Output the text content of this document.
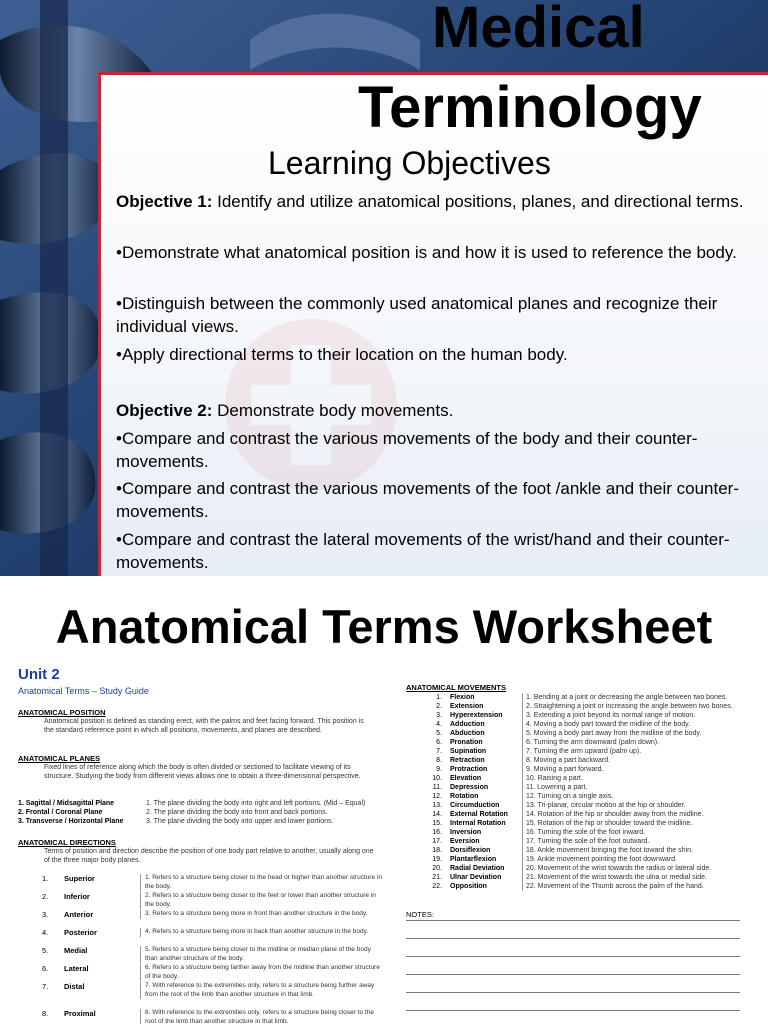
Medical
Terminology
Learning Objectives
Objective 1: Identify and utilize anatomical positions, planes, and directional terms.
•Demonstrate what anatomical position is and how it is used to reference the body.
•Distinguish between the commonly used anatomical planes and recognize their individual views.
•Apply directional terms to their location on the human body.
Objective 2: Demonstrate body movements.
•Compare and contrast the various movements of the body and their counter-movements.
•Compare and contrast the various movements of the foot /ankle and their counter-movements.
•Compare and contrast the lateral movements of the wrist/hand and their counter-movements.
Anatomical Terms Worksheet
Unit 2
Anatomical Terms – Study Guide
ANATOMICAL POSITION
Anatomical position is defined as standing erect, with the palms and feet facing forward. This position is the standard reference point in which all positions, movements, and planes are described.
ANATOMICAL PLANES
Fixed lines of reference along which the body is often divided or sectioned to facilitate viewing of its structure. Studying the body from different views allows one to obtain a three-dimensional perspective.
1. Sagittal / Midsagittal Plane	1. The plane dividing the body into right and left portions. (Mid – Equal)
2. Frontal / Coronal Plane	2. The plane dividing the body into front and back portions.
3. Transverse / Horizontal Plane	3. The plane dividing the body into upper and lower portions.
ANATOMICAL DIRECTIONS
Terms of position and direction describe the position of one body part relative to another, usually along one of the three major body planes.
1. Superior	1. Refers to a structure being closer to the head or higher than another structure in the body.
2. Inferior	2. Refers to a structure being closer to the feet or lower than another structure in the body.
3. Anterior	3. Refers to a structure being more in front than another structure in the body.
4. Posterior	4. Refers to a structure being more in back than another structure in the body.
5. Medial	5. Refers to a structure being closer to the midline or median plane of the body than another structure of the body.
6. Lateral	6. Refers to a structure being farther away from the midline than another structure of the body.
7. Distal	7. With reference to the extremities only, refers to a structure being further away from the root of the limb than another structure in that limb.
8. Proximal	8. With reference to the extremities only, refers to a structure being closer to the root of the limb than another structure in that limb.
ANATOMICAL MOVEMENTS
1. Flexion	1. Bending at a joint or decreasing the angle between two bones.
2. Extension	2. Straightening a joint or increasing the angle between two bones.
3. Hyperextension	3. Extending a joint beyond its normal range of motion.
4. Adduction	4. Moving a body part toward the midline of the body.
5. Abduction	5. Moving a body part away from the midline of the body.
6. Pronation	6. Turning the arm downward (palm down).
7. Supination	7. Turning the arm upward (palm up).
8. Retraction	8. Moving a part backward.
9. Protraction	9. Moving a part forward.
10. Elevation	10. Raising a part.
11. Depression	11. Lowering a part.
12. Rotation	12. Turning on a single axis.
13. Circumduction	13. Tri-planar, circular motion at the hip or shoulder.
14. External Rotation	14. Rotation of the hip or shoulder away from the midline.
15. Internal Rotation	15. Rotation of the hip or shoulder toward the midline.
16. Inversion	16. Turning the sole of the foot inward.
17. Eversion	17. Turning the sole of the foot outward.
18. Dorsiflexion	18. Ankle movement bringing the foot toward the shin.
19. Plantarflexion	19. Ankle movement pointing the foot downward.
20. Radial Deviation	20. Movement of the wrist towards the radius or lateral side.
21. Ulnar Deviation	21. Movement of the wrist towards the ulna or medial side.
22. Opposition	22. Movement of the Thumb across the palm of the hand.
NOTES:
